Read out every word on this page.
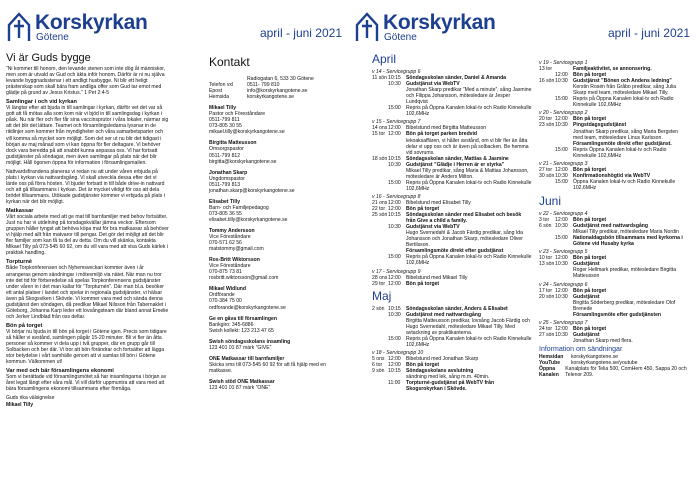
Korskyrkan
Götene	april - juni 2021
Vi är Guds bygge

”Ni kommer till honom, den levande stenen som inte dög åt människor, men som är utvald av Gud och äkta inför honom. Därför är ni nu själva levande byggnadsstenar i ett andligt husbygge. Ni blir ett heligt prästerskap som skall bära fram andliga offer som Gud tar emot med glädje på grund av Jesus Kristus.” 1 Pet 2:4-5

Samlingar i och vid kyrkan

Vi längtar efter att bjuda in till samlingar i kyrkan, därför vet det var så gott att få mötas alla som kom när vi bjöd in till samlingsdag i kyrkan i påsk. Nu när fler och fler får sina vaccinsprutor i våra lokaler, närmar sig att det blir det lättare. Teamet och församlingsledarna lyssnar in de riktlinjer som kommer från myndigheter och våra samarbetsparter och vill komma så mycket som möjligt. Som det ser ut nu blir det tidigast i början av maj månad som vi kan öppna för fler deltagare. Vi behöver dock vara beredda på att snabbt kunna anpassa oss. Vi har fortsatt gudstjänster på söndagar, men även samlingar på plats när det blir möjligt. Håll ögonen öppna för information i församlingsmailen.

Nattvardsfirandena planeras vi redan nu att under våren erbjuda på plats i kyrkan via nattvardsgång. Vi skall utveckla dessa efter det vi lärde oss på förra hösten. Vi bjuder fortsatt in till både drive-in nattvard och att gå tillsammans i kyrkan. Det är mycket viktigt för oss att dela brödet tillsammans. Utökade gudstjänster kommer vi erbjuda på plats i kyrkan när det blir möjligt.

Matkassar

Vårt sociala arbete med att ge mat till barnfamiljer med behov fortsätter. Just nu har vi utdelning på torsdagskvällar jämna veckor. Eftersom gruppen håller tyngst att behöva köpa mat för bra matkassar så behöver vi hjälp med allt från matvaror till pengar. Det gör det möjligt att det blir fler familjer som kan få ta del av detta. Om du vill skänka, kontakta Mikael Tilly på 073-545 60 92, om du vill vara med att visa Guds kärlek i praktisk handling.

Torpturné

Både Torpkonferensen och Nyhemsveckan kommer även i år arrangeras genom sändningar i mötesmiljö via nätet. När man nu tror inte det tid för förberedelse så spelas Torpkonferensens gudstjänster under våren in i det man kallar för ”Torpturnén”. Där man bl.a. besöker ett antal platser i landet och spelar in regionala gudstjänster, vi hälsar även på Skogsviken i Skövde. Vi kommer vara med och sända denna gudstjänst den söndagen, då predikar Mikael Nilsson från Tabernaklet i Göteborg, Johanna Karp leder ett lovsångsteam där bland annat Emelie och Jerker Lindblad från oss deltar.

Bön på torget

Vi börjar nu bjuda in till bön på torget i Götene igen. Precis som tidigare så håller vi avstånd, samlingen pågår 15-20 minuter. Bli vi fler än åtta personer så kommer vi dela upp i två grupper, där en grupp går till Solbacken och ber där. Vi tror att bön förändrar och fortsätter att lägga stor betydelse i vårt samhälle genom att vi samlas till bön i Götene kommun. Välkommen ut!

Var med och bär församlingens ekonomi

Som vi berättade vid församlingsmötet så har insamlingarna i början av året legat långt efter våra mål. Vi vill därför uppmuntra att vara med att bära församlingens ekonomi tillsammans efter förmåga.

Guds rika välsignelse

Mikael Tilly
Kontakt
Radiogatan 6, 533 30 Götene
Telefon vxl	0511- 799 810
Epost	info@korskyrkangotene.se
Hemsida	korskyrkangotene.se
Mikael Tilly
Pastor och Föreståndare
0511-799 811
073-805 30 55
mikael.tilly@korskyrkangotene.se
Birgitta Matteusson
Omsorgspastor
0511-799 812
birgitta@korskyrkangotene.se
Jonathan Skarp
Ungdomspastor
0511-799 813
jonathan.skarp@korskyrkangotene.se
Elisabet Tilly
Barn- och Familjepedagog
073-805 36 55
elisabet.tilly@korskyrkangotene.se
Tommy Andersson
Vice Föreståndare
070-571 62 56
matstommy@gmail.com
Ros-Britt Wiktorsson
Vice Föreståndare
070-875 73 81
rosbritt.wiktorsson@gmail.com
Mikael Widlund
Ordförande
070-384 75 00
ordforande@korskyrkangotene.se
Ge en gåva till församlingen
Bankgiro: 345-6886
Swish kollekt: 123 213 47 65
Swish söndagsskolans insamling
123 401 01 87 märk ”GIVE”
ONE Matkassar till barnfamiljer
Skicka sms till 073-545 60 92 för att få hjälp med en matkasse.
Swish stöd ONE Matkassar
123 401 01 87 märk ”ONE”
Korskyrkan
Götene	april - juni 2021
April
v 14 - Servicegrupp 6
11 sön 10:15	Söndagsskolan sänder, Daniel & Amanda
10:30	Gudstjänst via WebTV
Jonathan Skarp predikar ”Med a minute”, sång Jasmine och Filippa Johansson, mötesledare är Jesper Lundqvist
15:00	Repris på Öppna Kanalen lokal-tv och Radio Kinnekulle 102,6MHz
v 15 - Servicegrupp 7
14 ons 12:00	Bibelstund med Birgitta Matteusson
15 tor 12:00	Bön på torget parken bredvid
lekoaksaffären, vi håller avstånd, om vi blir fler än åtta delar vi upp oss och är även på solbacken. Be hemma vid sovrums.
18 sön 10:15	Söndagsskolan sänder, Mattias & Jasmine
10:30	Gudstjänst ”Glädje i Herren är er styrka”
Mikael Tilly predikar, sång Maria & Mattias Johansson, mötesledare är Anders Milton.
15:00	Repris på Öppna Kanalen lokal-tv och Radio Kinnekulle 102,6MHz
v 16 - Servicegrupp 8
21 ons 12:00	Bibelstund med Elisabet Tilly
22 tor 12:00	Bön på torget
25 sön 10:15	Söndagsskolan sänder med Elisabet och besök från Give a child a family.
10:30	Gudstjänst via WebTV
Hugo Svernedahl & Jacob Färdig predikar, sång Ida Johansson och Jonathan Skarp, mötesledare Oliver Bertilsson.
Församlingsmöte direkt efter gudstjänst
15:00	Repris på Öppna Kanalen lokal-tv och Radio Kinnekulle 102,6MHz
v 17 - Servicegrupp 9
28 ons 12:00	Bibelstund med Mikael Tilly
29 tor 12:00	Bön på torget
Maj
2 sön 10:15	Söndagsskolan sänder, Anders & Elisabet
10:30	Gudstjänst med nattvardsgång
Birgitta Matteusson predikar, lovsång Jacob Färdig och Hugo Svernedahl, mötesledare Mikael Tilly. Med avtackning av praktikanterna.
15:00	Repris på Öppna Kanalen lokal-tv och Radio Kinnekulle 102,6MHz
v 18 - Servicegrupp 10
5 ons 12:00	Bibelstund med Jonathan Skarp
6 tor	12:00	Bön på torget
9 sön 10:15	Söndagsskolans avslutning
sändning med lek, sång m.m. 40min.
11:00	Torpturné-gudstjänst på WebTV från Skogsrokyrkan i Skövde.
v 19 - Servicegrupp 1
13 tor	Familjeaktivitet, se annonsering.
12:00	Bön på torget
16 sön 10:30	Gudstjänst ”Bönen och Andens ledning”
Kerstin Rosén från Gråbo predikar, sång Julia Skarp med team, mötesledare Mikael Tilly.
15:00	Repris på Öppna Kanalen lokal-tv och Radio Kinnekulle 102,6MHz
v 20 - Servicegrupp 2
20 tor 12:00	Bön på torget
23 sön 10:30	Pingstdagsgudstjänst
Jonathan Skarp predikar, sång Maria Bergsten med team, mötesledare Linus Karlsson.
Församlingsmöte direkt efter gudstjänst.
15:00	Repris Öppna Kanalen lokal-tv och Radio Kinnekulle 102,6MHz
v 21 - Servicegrupp 3
27 tor 12:00	Bön på torget
30 sön 10:30	Konfirmationshögtid via WebTV
15:00	Öppna Kanalen lokal-tv och Radio Kinnekulle 102,6MHz
Juni
v 22 - Servicegrupp 4
3 tor	12:00	Bön på torget
6 sön 10:30	Gudstjänst med nattvardsgång
Mikael Tilly predikar, mötesledare Maria Nordin
15:00	Nationaldagsbön tillsammans med kyrkorna i Götene vid Husaby kyrka
v 23 - Servicegrupp 5
10 tor 12:00	Bön på torget
13 sön 10:30	Gudstjänst
Roger Hellmark predikar, mötesledare Birgitta Matteusson
v 24 - Servicegrupp 6
17 tor 12:00	Bön på torget
20 sön 10:30	Gudstjänst
Birgitta Söderberg predikar, mötesledare Olof Brenede
Församlingsmöte efter gudstjänsten
v 25 - Servicegrupp 7
24 tor 12:00	Bön på torget
27 sön 10:30	Gudstjänst
Jonathan Skarp med flera.
Information om sändningar
Hemsidan	korskyrkangotene.se
YouTube	korskyrkangotene.se/youtube
Öppna Kanalen
Kanalplats för Telia 500, ComHem 450, Sappa 20 och Telenor 209.
